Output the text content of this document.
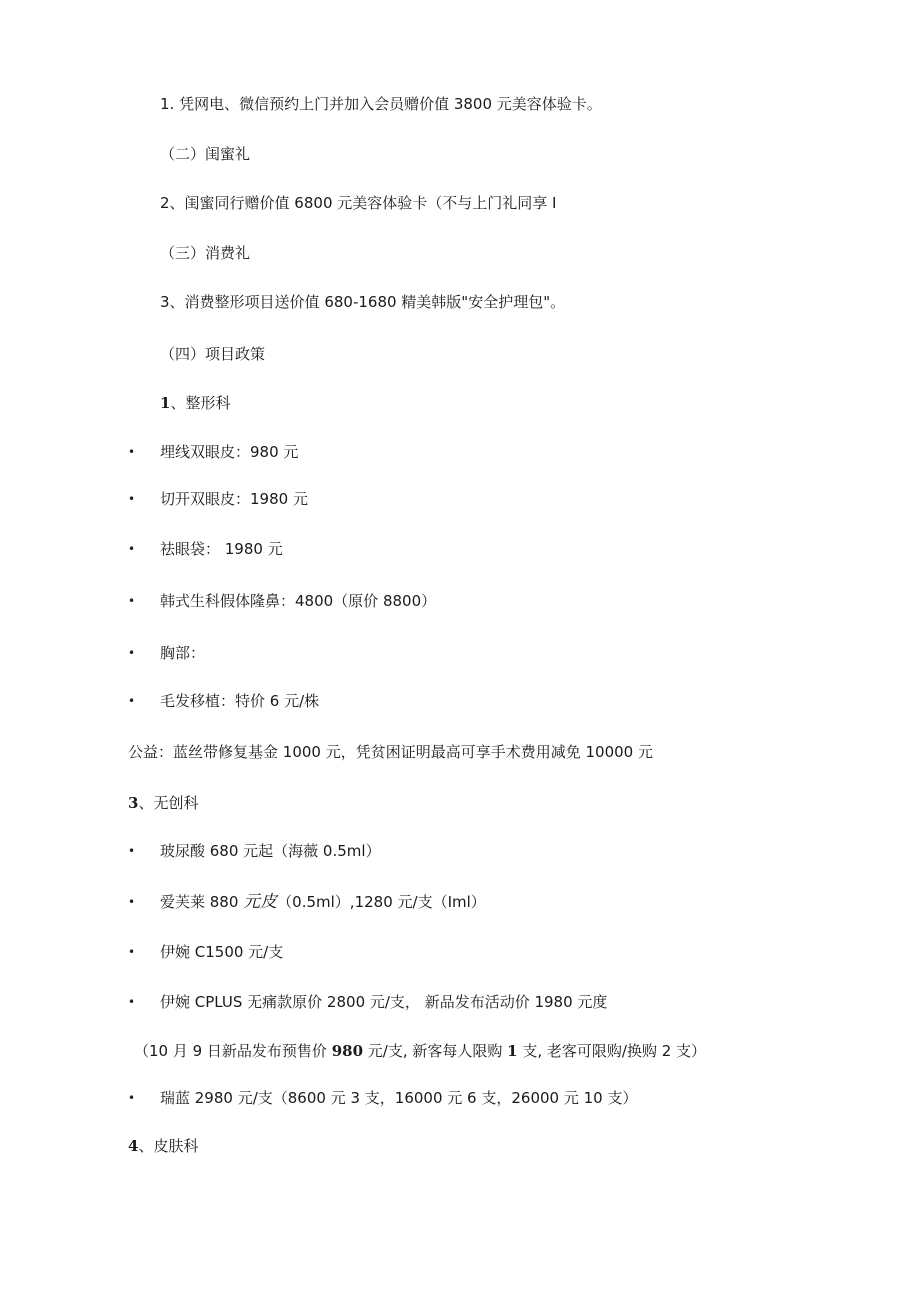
1. 凭网电、微信预约上门并加入会员赠价值 3800 元美容体验卡。
（二）闺蜜礼
2、闺蜜同行赠价值 6800 元美容体验卡（不与上门礼同享 I
（三）消费礼
3、消费整形项目送价值 680-1680 精美韩版"安全护理包"。
（四）项目政策
1、整形科
• 埋线双眼皮：980 元
• 切开双眼皮：1980 元
• 祛眼袋： 1980 元
• 韩式生科假体隆鼻：4800（原价 8800）
• 胸部：
• 毛发移植：特价 6 元/株
公益：蓝丝带修复基金 1000 元，凭贫困证明最高可享手术费用减免 10000 元
3、无创科
• 玻尿酸 680 元起（海薇 0.5ml）
• 爱芙莱 880 元皮（0.5ml）,1280 元/支（Iml）
• 伊婉 C1500 元/支
• 伊婉 CPLUS 无痛款原价 2800 元/支， 新品发布活动价 1980 元度
（10 月 9 日新品发布预售价 980 元/支, 新客每人限购 1 支, 老客可限购/换购 2 支）
• 瑞蓝 2980 元/支（8600 元 3 支，16000 元 6 支，26000 元 10 支）
4、皮肤科
